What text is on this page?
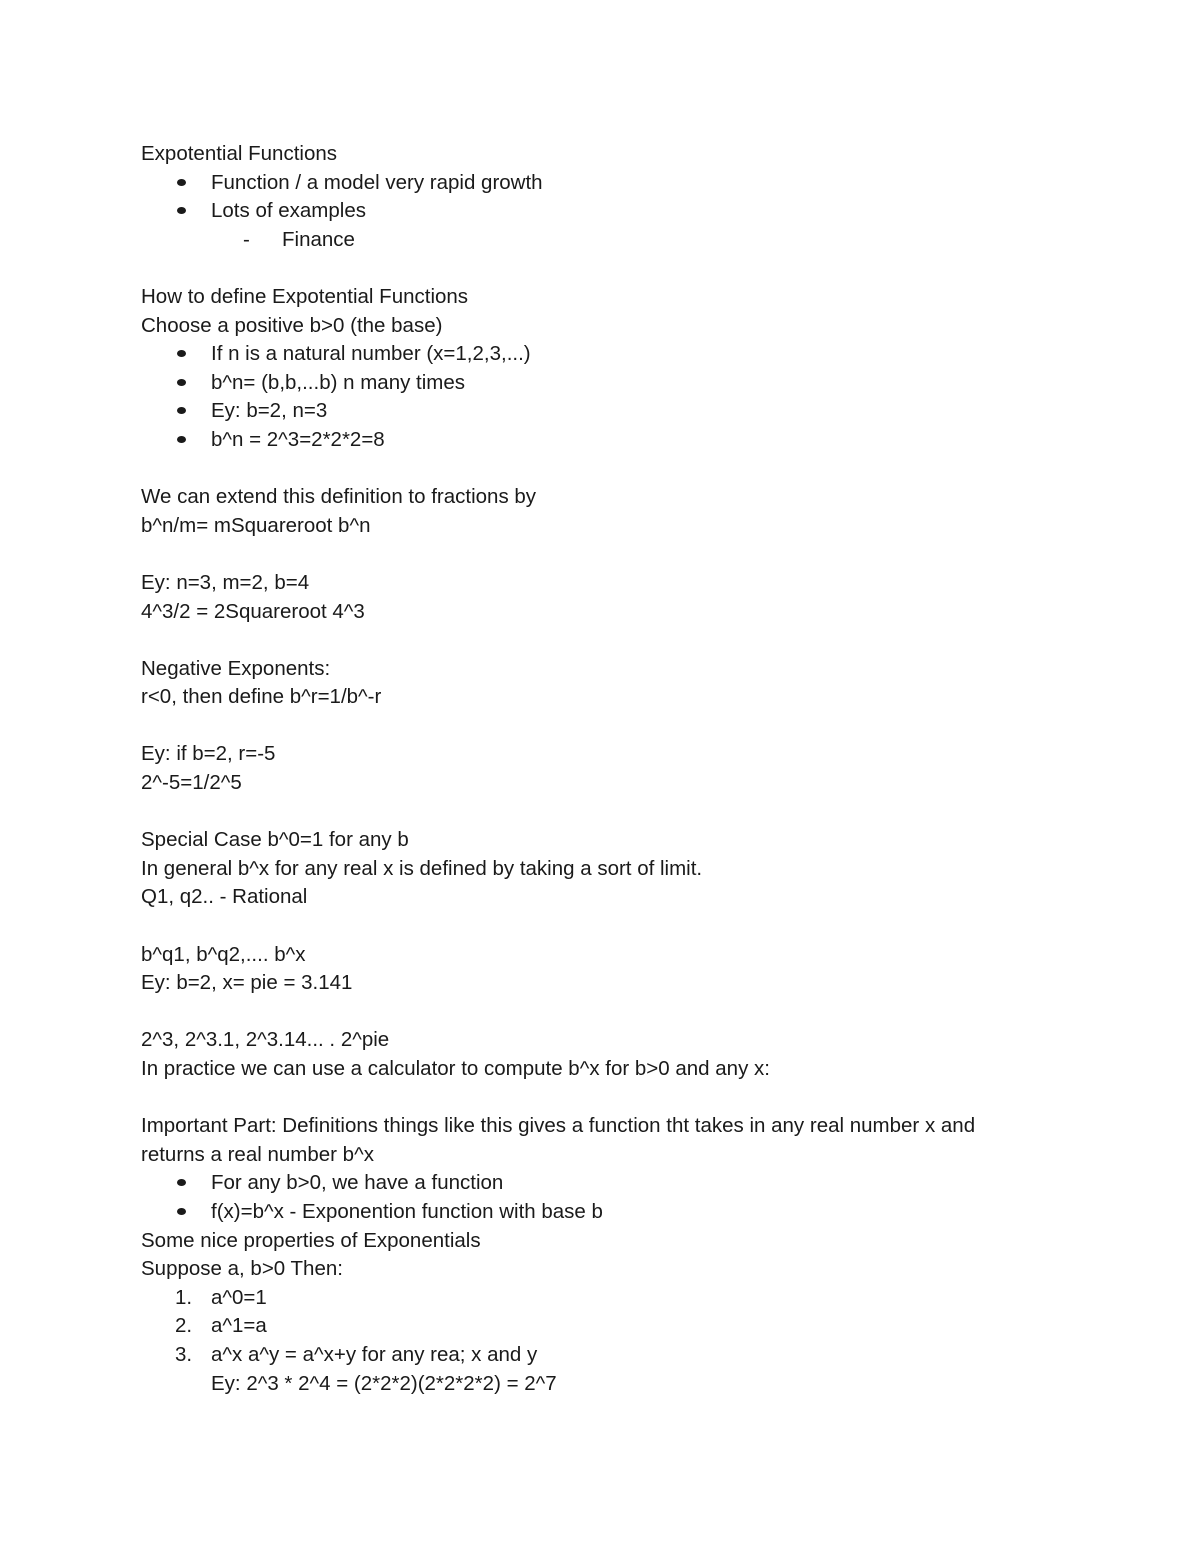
Expotential Functions
Function / a model very rapid growth
Lots of examples
- Finance
How to define Expotential Functions
Choose a positive b>0 (the base)
If n is a natural number (x=1,2,3,...)
b^n= (b,b,...b) n many times
Ey: b=2, n=3
b^n = 2^3=2*2*2=8
We can extend this definition to fractions by
b^n/m= mSquareroot b^n
Ey: n=3, m=2, b=4
4^3/2 = 2Squareroot 4^3
Negative Exponents:
r<0, then define b^r=1/b^-r
Ey: if b=2, r=-5
2^-5=1/2^5
Special Case b^0=1 for any b
In general b^x for any real x is defined by taking a sort of limit.
Q1, q2.. - Rational
b^q1, b^q2,.... b^x
Ey: b=2, x= pie = 3.141
2^3, 2^3.1, 2^3.14... . 2^pie
In practice we can use a calculator to compute b^x for b>0 and any x:
Important Part: Definitions things like this gives a function tht takes in any real number x and
returns a real number b^x
For any b>0, we have a function
f(x)=b^x - Exponention function with base b
Some nice properties of Exponentials
Suppose a, b>0 Then:
1. a^0=1
2. a^1=a
3. a^x a^y = a^x+y for any rea; x and y
Ey: 2^3 * 2^4 = (2*2*2)(2*2*2*2) = 2^7
